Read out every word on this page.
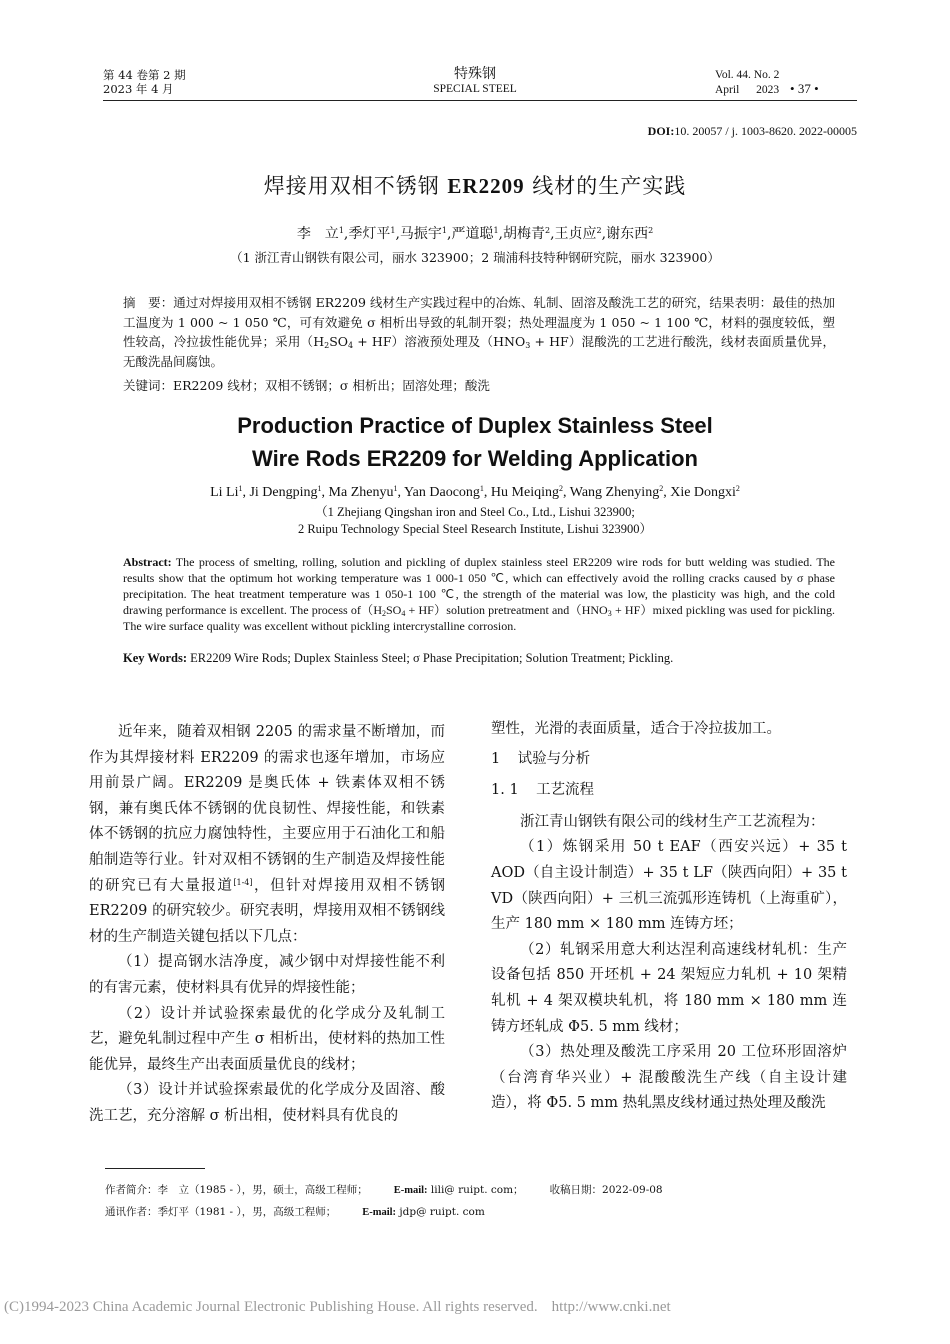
第 44 卷第 2 期
2023 年 4 月
特殊钢
SPECIAL STEEL
Vol. 44. No. 2
April 2023 • 37 •
DOI:10. 20057 / j. 1003-8620. 2022-00005
焊接用双相不锈钢 ER2209 线材的生产实践
李　立$^1$,季灯平$^1$,马振宇$^1$,严道聪$^1$,胡梅青$^2$,王贞应$^2$,谢东西$^2$
（1 浙江青山钢铁有限公司，丽水 323900；2 瑞浦科技特种钢研究院，丽水 323900）
摘　要：通过对焊接用双相不锈钢 ER2209 线材生产实践过程中的冶炼、轧制、固溶及酸洗工艺的研究，结果表明：最佳的热加工温度为 1 000 ~ 1 050 ℃，可有效避免 σ 相析出导致的轧制开裂；热处理温度为 1 050 ~ 1 100 ℃，材料的强度较低，塑性较高，冷拉拔性能优异；采用$(H_2SO_4 + HF)$溶液预处理及$(HNO_3 + HF)$混酸洗的工艺进行酸洗，线材表面质量优异，无酸洗晶间腐蚀。
关键词：ER2209 线材；双相不锈钢；σ 相析出；固溶处理；酸洗
Production Practice of Duplex Stainless Steel
Wire Rods ER2209 for Welding Application
Li Li$^1$, Ji Dengping$^1$, Ma Zhenyu$^1$, Yan Daocong$^1$, Hu Meiqing$^2$, Wang Zhenying$^2$, Xie Dongxi$^2$
（1 Zhejiang Qingshan iron and Steel Co., Ltd., Lishui 323900;
2 Ruipu Technology Special Steel Research Institute, Lishui 323900）
Abstract: The process of smelting, rolling, solution and pickling of duplex stainless steel ER2209 wire rods for butt welding was studied. The results show that the optimum hot working temperature was 1 000-1 050 ℃, which can effectively avoid the rolling cracks caused by σ phase precipitation. The heat treatment temperature was 1 050-1 100 ℃, the strength of the material was low, the plasticity was high, and the cold drawing performance is excellent. The process $of(H_2SO_4$ + HF）solution pretreatment $and(HNO_3$ + HF）mixed pickling was used for pickling. The wire surface quality was excellent without pickling intercrystalline corrosion.
Key Words: ER2209 Wire Rods; Duplex Stainless Steel; σ Phase Precipitation; Solution Treatment; Pickling.

近年来，随着双相钢 2205 的需求量不断增加，而作为其焊接材料 ER2209 的需求也逐年增加，市场应用前景广阔。ER2209 是奥氏体 + 铁素体双相不锈钢，兼有奥氏体不锈钢的优良韧性、焊接性能，和铁素体不锈钢的抗应力腐蚀特性，主要应用于石油化工和船舶制造等行业。针对双相不锈钢的生产制造及焊接性能的研究已有大量报道[1-4]，但针对焊接用双相不锈钢 ER2209 的研究较少。研究表明，焊接用双相不锈钢线材的生产制造关键包括以下几点：

（1）提高钢水洁净度，减少钢中对焊接性能不利的有害元素，使材料具有优异的焊接性能；

（2）设计并试验探索最优的化学成分及轧制工艺，避免轧制过程中产生 σ 相析出，使材料的热加工性能优异，最终生产出表面质量优良的线材；

（3）设计并试验探索最优的化学成分及固溶、酸洗工艺，充分溶解 σ 析出相，使材料具有优良的

塑性，光滑的表面质量，适合于冷拉拔加工。

1 试验与分析

1. 1 工艺流程

浙江青山钢铁有限公司的线材生产工艺流程为：

（1）炼钢采用 50 t EAF（西安兴远）+ 35 t AOD（自主设计制造）+ 35 t LF（陕西向阳）+ 35 t VD（陕西向阳）+ 三机三流弧形连铸机（上海重矿），生产 180 mm × 180 mm 连铸方坯；

（2）轧钢采用意大利达涅利高速线材轧机：生产设备包括 850 开坯机 + 24 架短应力轧机 + 10 架精轧机 + 4 架双模块轧机，将 180 mm × 180 mm 连铸方坯轧成 Φ5. 5 mm 线材；

（3）热处理及酸洗工序采用 20 工位环形固溶炉（台湾育华兴业）+ 混酸酸洗生产线（自主设计建造），将 Φ5. 5 mm 热轧黑皮线材通过热处理及酸洗

作者简介：李　立（1985 - ），男，硕士，高级工程师； E-mail: lili@ ruipt. com； 收稿日期：2022-09-08
通讯作者：季灯平（1981 - ），男，高级工程师； E-mail: jdp@ ruipt. com
(C)1994-2023 China Academic Journal Electronic Publishing House. All rights reserved. http://www.cnki.net
